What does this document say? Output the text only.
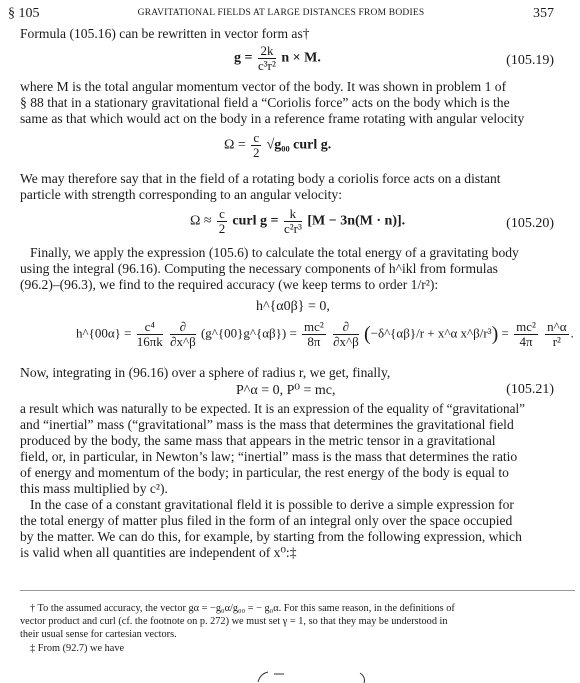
§ 105	GRAVITATIONAL FIELDS AT LARGE DISTANCES FROM BODIES	357
Formula (105.16) can be rewritten in vector form as†
$g = \frac{2k}{\text{c³r²}}$ n × M.	(105.19)
where M is the total angular momentum vector of the body. It was shown in problem 1 of
§ 88 that in a stationary gravitational field a “Coriolis force” acts on the body which is the
same as that which would act on the body in a reference frame rotating with angular velocity
$\Omega = \frac{c}{2} √g_{00}$ curl g.
We may therefore say that in the field of a rotating body a coriolis force acts on a distant
particle with strength corresponding to an angular velocity:
$\Omega \approx \frac{c}{2}$ curl $g = \frac{k}{\text{c²r³}} [M - 3n(M \cdot n)]$.	(105.20)
Finally, we apply the expression (105.6) to calculate the total energy of a gravitating body
using the integral (96.16). Computing the necessary components of h^ikl from formulas
(96.2)–(96.3), we find to the required accuracy (we keep terms to order 1/r²):
h^{α0β} = 0,
h^{00α} = $\frac{\text{c⁴}}{16\pi k}$
$\frac{\partial}{\partial x\^{}\beta}$ (g^{00}g^{αβ}) = $\frac{\text{mc²}}{8\pi}$
$\frac{\partial}{\partial x\^{}\beta}$ (−δ^{αβ}/r + x^α x^β/r³) = $\frac{\text{mc²}}{4\pi}$
$\frac{n\^{}\alpha}{\text{r²}}$ .
Now, integrating in (96.16) over a sphere of radius r, we get, finally,
P^α = 0, P⁰ = mc,	(105.21)
a result which was naturally to be expected. It is an expression of the equality of “gravitational”
and “inertial” mass (“gravitational” mass is the mass that determines the gravitational field
produced by the body, the same mass that appears in the metric tensor in a gravitational
field, or, in particular, in Newton’s law; “inertial” mass is the mass that determines the ratio
of energy and momentum of the body; in particular, the rest energy of the body is equal to
this mass multiplied by c²).
In the case of a constant gravitational fleld it is possible to derive a simple expression for
the total energy of matter plus filed in the form of an integral only over the space occupied
by the matter. We can do this, for example, by starting from the following expression, which
is valid when all quantities are independent of x⁰:‡
† To the assumed accuracy, the vector gα = −g₀α/g₀₀ = − g₀α. For this same reason, in the definitions of
vector product and curl (cf. the footnote on p. 272) we must set γ = 1, so that they may be understood in
their usual sense for cartesian vectors.
‡ From (92.7) we have
